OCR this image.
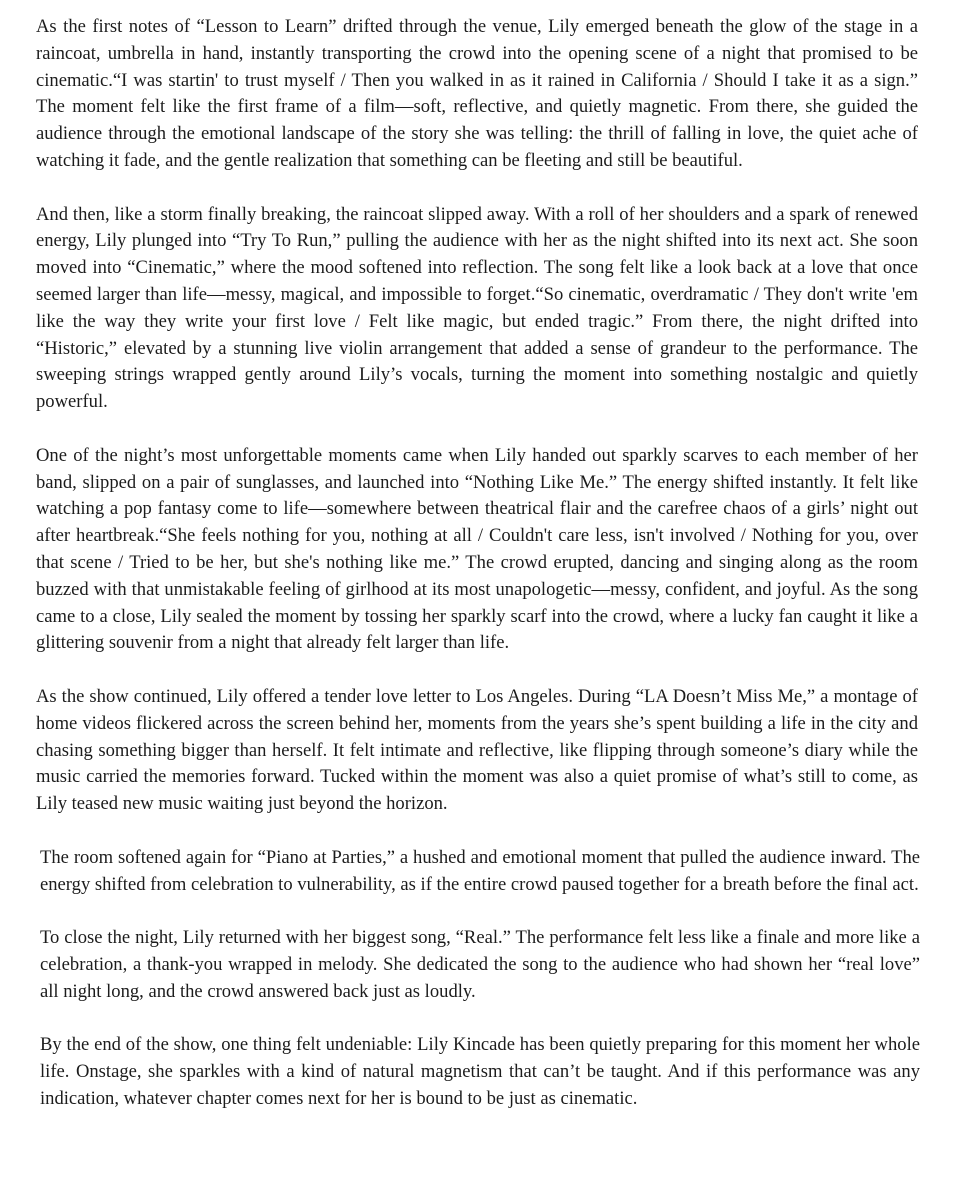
As the first notes of “Lesson to Learn” drifted through the venue, Lily emerged beneath the glow of the stage in a raincoat, umbrella in hand, instantly transporting the crowd into the opening scene of a night that promised to be cinematic.“I was startin' to trust myself / Then you walked in as it rained in California / Should I take it as a sign.” The moment felt like the first frame of a film—soft, reflective, and quietly magnetic. From there, she guided the audience through the emotional landscape of the story she was telling: the thrill of falling in love, the quiet ache of watching it fade, and the gentle realization that something can be fleeting and still be beautiful.

And then, like a storm finally breaking, the raincoat slipped away. With a roll of her shoulders and a spark of renewed energy, Lily plunged into “Try To Run,” pulling the audience with her as the night shifted into its next act. She soon moved into “Cinematic,” where the mood softened into reflection. The song felt like a look back at a love that once seemed larger than life—messy, magical, and impossible to forget.“So cinematic, overdramatic / They don't write 'em like the way they write your first love / Felt like magic, but ended tragic.” From there, the night drifted into “Historic,” elevated by a stunning live violin arrangement that added a sense of grandeur to the performance. The sweeping strings wrapped gently around Lily’s vocals, turning the moment into something nostalgic and quietly powerful.

One of the night’s most unforgettable moments came when Lily handed out sparkly scarves to each member of her band, slipped on a pair of sunglasses, and launched into “Nothing Like Me.” The energy shifted instantly. It felt like watching a pop fantasy come to life—somewhere between theatrical flair and the carefree chaos of a girls’ night out after heartbreak.“She feels nothing for you, nothing at all / Couldn't care less, isn't involved / Nothing for you, over that scene / Tried to be her, but she's nothing like me.” The crowd erupted, dancing and singing along as the room buzzed with that unmistakable feeling of girlhood at its most unapologetic—messy, confident, and joyful. As the song came to a close, Lily sealed the moment by tossing her sparkly scarf into the crowd, where a lucky fan caught it like a glittering souvenir from a night that already felt larger than life.

As the show continued, Lily offered a tender love letter to Los Angeles. During “LA Doesn’t Miss Me,” a montage of home videos flickered across the screen behind her, moments from the years she’s spent building a life in the city and chasing something bigger than herself. It felt intimate and reflective, like flipping through someone’s diary while the music carried the memories forward. Tucked within the moment was also a quiet promise of what’s still to come, as Lily teased new music waiting just beyond the horizon.

The room softened again for “Piano at Parties,” a hushed and emotional moment that pulled the audience inward. The energy shifted from celebration to vulnerability, as if the entire crowd paused together for a breath before the final act.

To close the night, Lily returned with her biggest song, “Real.” The performance felt less like a finale and more like a celebration, a thank-you wrapped in melody. She dedicated the song to the audience who had shown her “real love” all night long, and the crowd answered back just as loudly.

By the end of the show, one thing felt undeniable: Lily Kincade has been quietly preparing for this moment her whole life. Onstage, she sparkles with a kind of natural magnetism that can’t be taught. And if this performance was any indication, whatever chapter comes next for her is bound to be just as cinematic.
